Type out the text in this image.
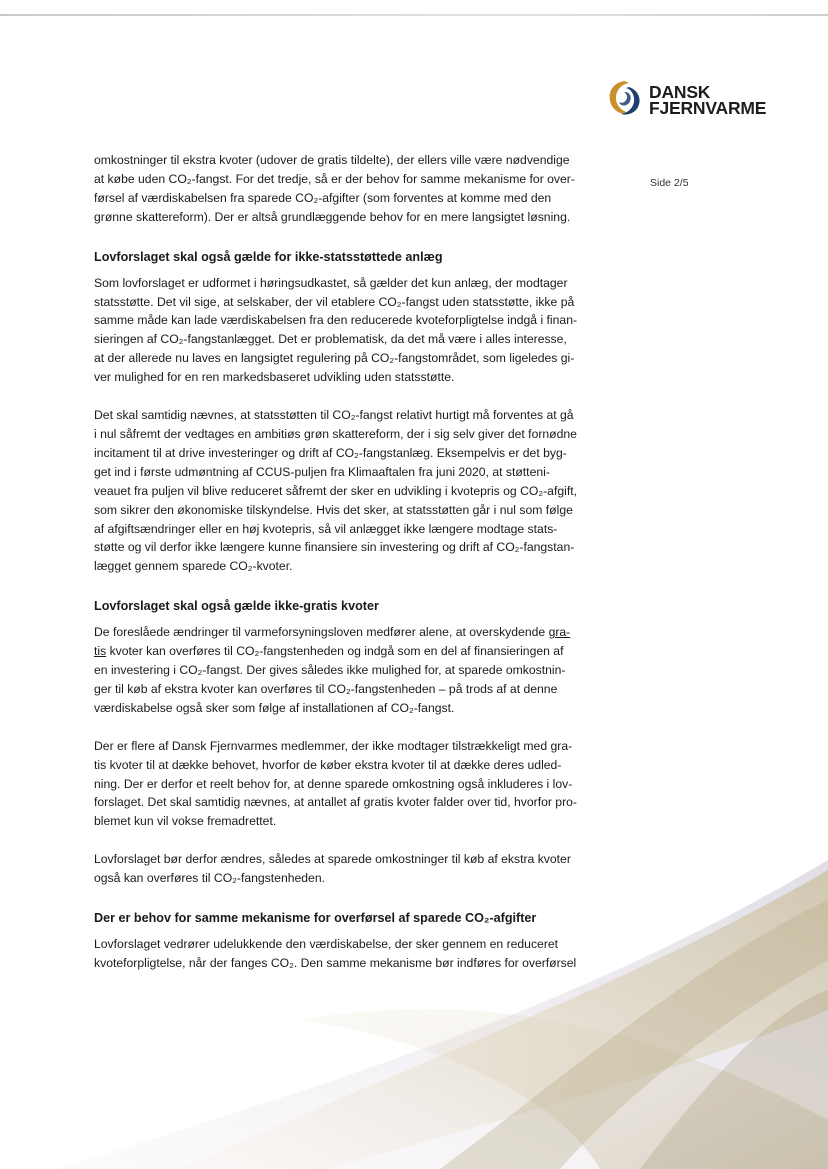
DANSK
FJERNVARME
Side 2/5

omkostninger til ekstra kvoter (udover de gratis tildelte), der ellers ville være nødvendige
at købe uden CO₂-fangst. For det tredje, så er der behov for samme mekanisme for over-
førsel af værdiskabelsen fra sparede CO₂-afgifter (som forventes at komme med den
grønne skattereform). Der er altså grundlæggende behov for en mere langsigtet løsning.

Lovforslaget skal også gælde for ikke-statsstøttede anlæg

Som lovforslaget er udformet i høringsudkastet, så gælder det kun anlæg, der modtager
statsstøtte. Det vil sige, at selskaber, der vil etablere CO₂-fangst uden statsstøtte, ikke på
samme måde kan lade værdiskabelsen fra den reducerede kvoteforpligtelse indgå i finan-
sieringen af CO₂-fangstanlægget. Det er problematisk, da det må være i alles interesse,
at der allerede nu laves en langsigtet regulering på CO₂-fangstområdet, som ligeledes gi-
ver mulighed for en ren markedsbaseret udvikling uden statsstøtte.

Det skal samtidig nævnes, at statsstøtten til CO₂-fangst relativt hurtigt må forventes at gå
i nul såfremt der vedtages en ambitiøs grøn skattereform, der i sig selv giver det fornødne
incitament til at drive investeringer og drift af CO₂-fangstanlæg. Eksempelvis er det byg-
get ind i første udmøntning af CCUS-puljen fra Klimaaftalen fra juni 2020, at støtteni-
veauet fra puljen vil blive reduceret såfremt der sker en udvikling i kvotepris og CO₂-afgift,
som sikrer den økonomiske tilskyndelse. Hvis det sker, at statsstøtten går i nul som følge
af afgiftsændringer eller en høj kvotepris, så vil anlægget ikke længere modtage stats-
støtte og vil derfor ikke længere kunne finansiere sin investering og drift af CO₂-fangstan-
lægget gennem sparede CO₂-kvoter.

Lovforslaget skal også gælde ikke-gratis kvoter

De foreslåede ændringer til varmeforsyningsloven medfører alene, at overskydende gra-
tis kvoter kan overføres til CO₂-fangstenheden og indgå som en del af finansieringen af
en investering i CO₂-fangst. Der gives således ikke mulighed for, at sparede omkostnin-
ger til køb af ekstra kvoter kan overføres til CO₂-fangstenheden – på trods af at denne
værdiskabelse også sker som følge af installationen af CO₂-fangst.

Der er flere af Dansk Fjernvarmes medlemmer, der ikke modtager tilstrækkeligt med gra-
tis kvoter til at dække behovet, hvorfor de køber ekstra kvoter til at dække deres udled-
ning. Der er derfor et reelt behov for, at denne sparede omkostning også inkluderes i lov-
forslaget. Det skal samtidig nævnes, at antallet af gratis kvoter falder over tid, hvorfor pro-
blemet kun vil vokse fremadrettet.

Lovforslaget bør derfor ændres, således at sparede omkostninger til køb af ekstra kvoter
også kan overføres til CO₂-fangstenheden.

Der er behov for samme mekanisme for overførsel af sparede CO₂-afgifter

Lovforslaget vedrører udelukkende den værdiskabelse, der sker gennem en reduceret
kvoteforpligtelse, når der fanges CO₂. Den samme mekanisme bør indføres for overførsel
